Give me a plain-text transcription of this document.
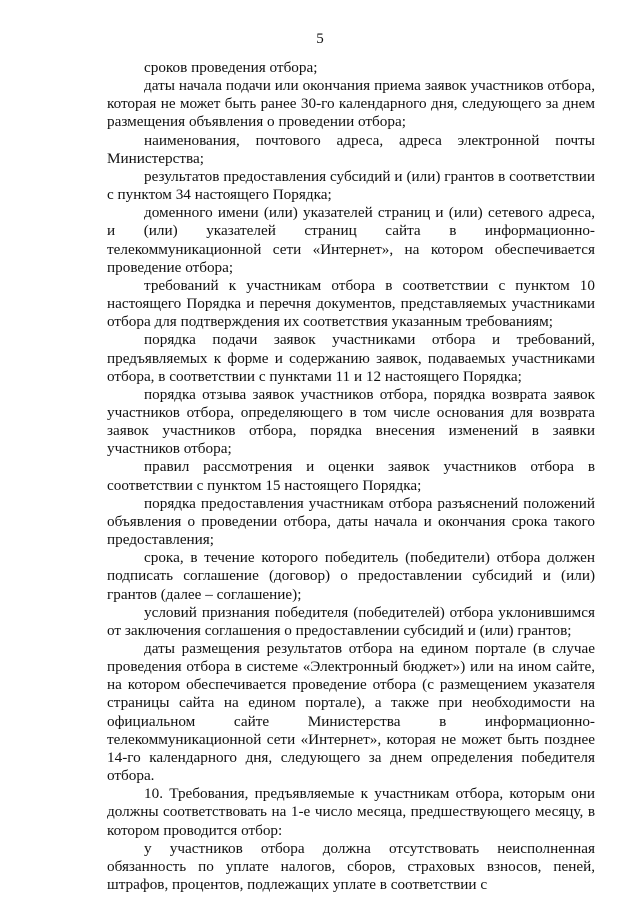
5

сроков проведения отбора;

даты начала подачи или окончания приема заявок участников отбора, которая не может быть ранее 30-го календарного дня, следующего за днем размещения объявления о проведении отбора;

наименования, почтового адреса, адреса электронной почты Министерства;

результатов предоставления субсидий и (или) грантов в соответствии с пунктом 34 настоящего Порядка;

доменного имени (или) указателей страниц и (или) сетевого адреса, и (или) указателей страниц сайта в информационно-телекоммуникационной сети «Интернет», на котором обеспечивается проведение отбора;

требований к участникам отбора в соответствии с пунктом 10 настоящего Порядка и перечня документов, представляемых участниками отбора для подтверждения их соответствия указанным требованиям;

порядка подачи заявок участниками отбора и требований, предъявляемых к форме и содержанию заявок, подаваемых участниками отбора, в соответствии с пунктами 11 и 12 настоящего Порядка;

порядка отзыва заявок участников отбора, порядка возврата заявок участников отбора, определяющего в том числе основания для возврата заявок участников отбора, порядка внесения изменений в заявки участников отбора;

правил рассмотрения и оценки заявок участников отбора в соответствии с пунктом 15 настоящего Порядка;

порядка предоставления участникам отбора разъяснений положений объявления о проведении отбора, даты начала и окончания срока такого предоставления;

срока, в течение которого победитель (победители) отбора должен подписать соглашение (договор) о предоставлении субсидий и (или) грантов (далее – соглашение);

условий признания победителя (победителей) отбора уклонившимся от заключения соглашения о предоставлении субсидий и (или) грантов;

даты размещения результатов отбора на едином портале (в случае проведения отбора в системе «Электронный бюджет») или на ином сайте, на котором обеспечивается проведение отбора (с размещением указателя страницы сайта на едином портале), а также при необходимости на официальном сайте Министерства в информационно-телекоммуникационной сети «Интернет», которая не может быть позднее 14-го календарного дня, следующего за днем определения победителя отбора.

10. Требования, предъявляемые к участникам отбора, которым они должны соответствовать на 1-е число месяца, предшествующего месяцу, в котором проводится отбор:

у участников отбора должна отсутствовать неисполненная обязанность по уплате налогов, сборов, страховых взносов, пеней, штрафов, процентов, подлежащих уплате в соответствии с
